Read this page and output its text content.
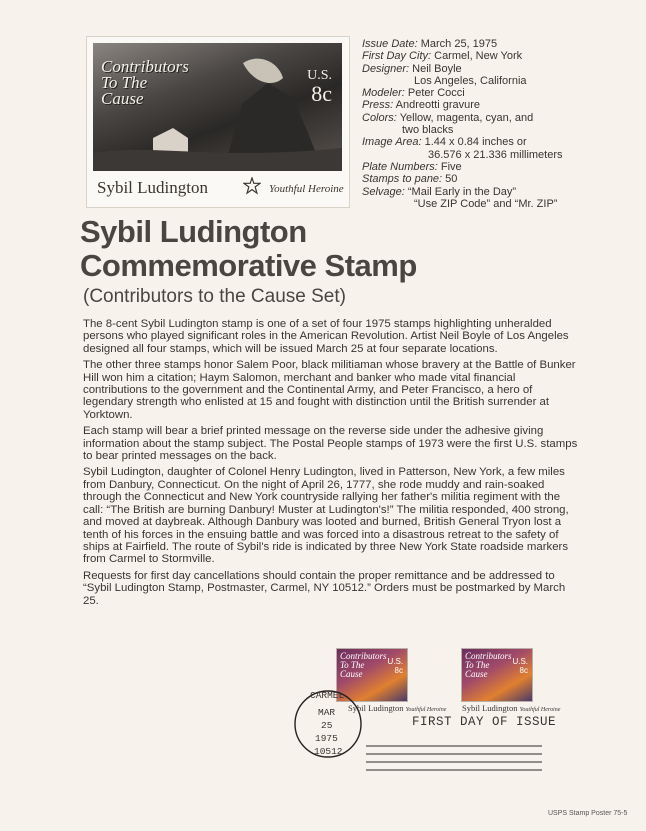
Contributors
To The
Cause
U.S.
8c
Sybil Ludington	Youthful Heroine
Issue Date: March 25, 1975
First Day City: Carmel, New York
Designer: Neil Boyle
Los Angeles, California
Modeler: Peter Cocci
Press: Andreotti gravure
Colors: Yellow, magenta, cyan, and
two blacks
Image Area: 1.44 x 0.84 inches or
36.576 x 21.336 millimeters
Plate Numbers: Five
Stamps to pane: 50
Selvage: “Mail Early in the Day”
“Use ZIP Code” and “Mr. ZIP”
Sybil Ludington
Commemorative Stamp
(Contributors to the Cause Set)

The 8-cent Sybil Ludington stamp is one of a set of four 1975 stamps highlighting unheralded persons who played significant roles in the American Revolution. Artist Neil Boyle of Los Angeles designed all four stamps, which will be issued March 25 at four separate locations.

The other three stamps honor Salem Poor, black militiaman whose bravery at the Battle of Bunker Hill won him a citation; Haym Salomon, merchant and banker who made vital financial contributions to the government and the Continental Army, and Peter Francisco, a hero of legendary strength who enlisted at 15 and fought with distinction until the British surrender at Yorktown.

Each stamp will bear a brief printed message on the reverse side under the adhesive giving information about the stamp subject. The Postal People stamps of 1973 were the first U.S. stamps to bear printed messages on the back.

Sybil Ludington, daughter of Colonel Henry Ludington, lived in Patterson, New York, a few miles from Danbury, Connecticut. On the night of April 26, 1777, she rode muddy and rain-soaked through the Connecticut and New York countryside rallying her father's militia regiment with the call: “The British are burning Danbury! Muster at Ludington's!” The militia responded, 400 strong, and moved at daybreak. Although Danbury was looted and burned, British General Tryon lost a tenth of his forces in the ensuing battle and was forced into a disastrous retreat to the safety of ships at Fairfield. The route of Sybil's ride is indicated by three New York State roadside markers from Carmel to Stormville.

Requests for first day cancellations should contain the proper remittance and be addressed to “Sybil Ludington Stamp, Postmaster, Carmel, NY 10512.” Orders must be postmarked by March 25.

Contributors
To The
Cause
U.S.
8c
Contributors
To The
Cause
U.S.
8c
Sybil Ludington Youthful Heroine Sybil Ludington Youthful Heroine
CARMEL
MAR
25
1975
10512
FIRST DAY OF ISSUE
USPS Stamp Poster 75-5
